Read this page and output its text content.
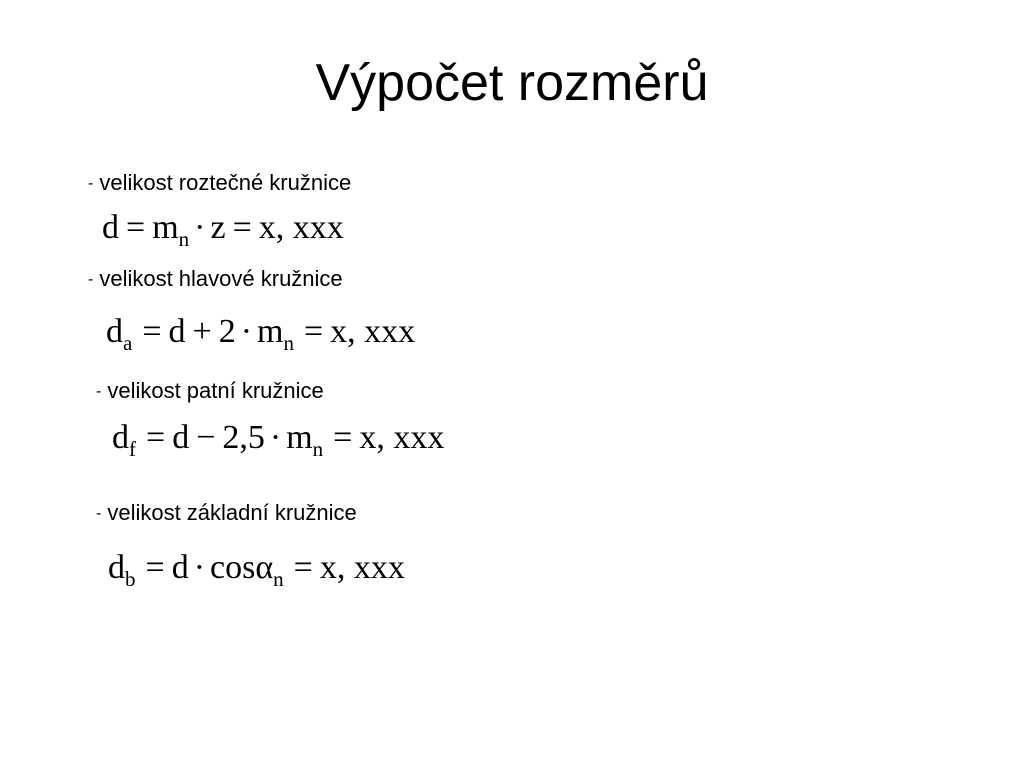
Výpočet rozměrů
- velikost roztečné kružnice
$d = m_n \cdot z = x$, xxx
- velikost hlavové kružnice
$d_a = d + 2 \cdot m_n = x$, xxx
- velikost patní kružnice
$d_f = d - 2,5 \cdot m_n = x$, xxx
- velikost základní kružnice
$d_b = d \cdot \cos\alpha_n = x$, xxx
